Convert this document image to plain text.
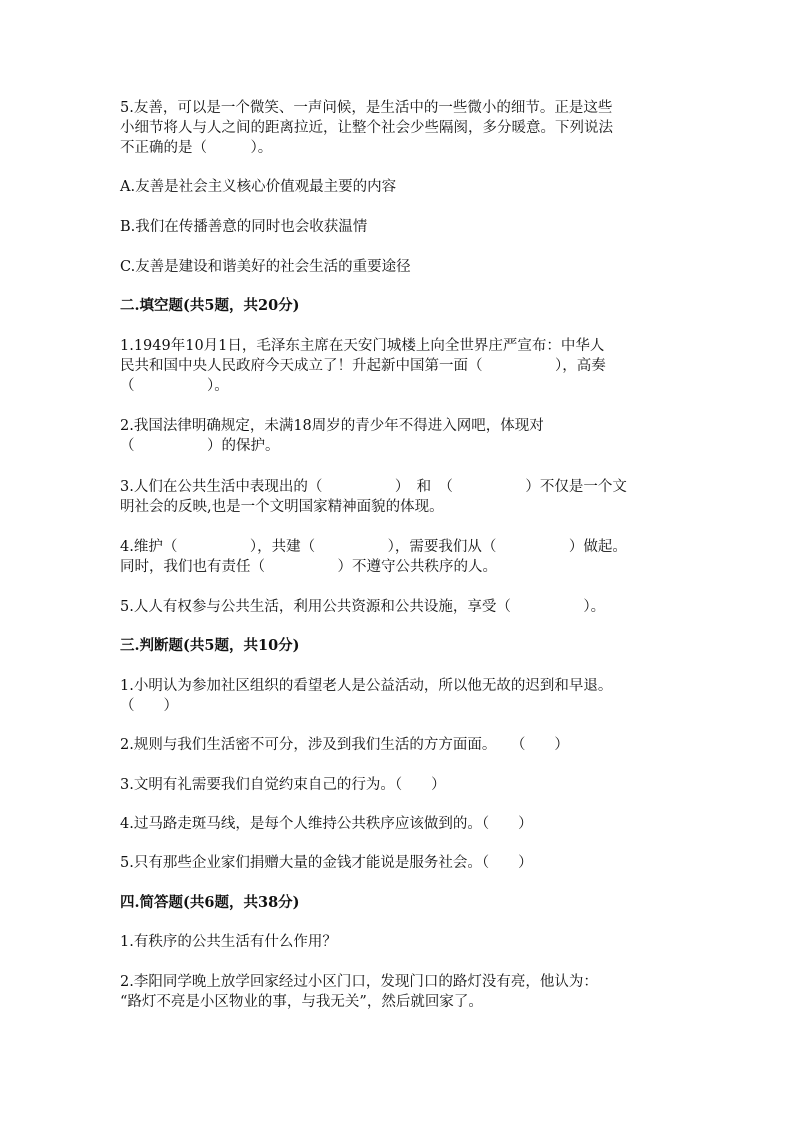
5.友善，可以是一个微笑、一声问候，是生活中的一些微小的细节。正是这些
小细节将人与人之间的距离拉近，让整个社会少些隔阂，多分暖意。下列说法
不正确的是（　　　）。
A.友善是社会主义核心价值观最主要的内容
B.我们在传播善意的同时也会收获温情
C.友善是建设和谐美好的社会生活的重要途径
二.填空题(共5题，共20分)
1.1949年10月1日，毛泽东主席在天安门城楼上向全世界庄严宣布：中华人
民共和国中央人民政府今天成立了！升起新中国第一面（　　　　　），高奏
（　　　　　）。
2.我国法律明确规定，未满18周岁的青少年不得进入网吧，体现对
（　　　　　）的保护。
3.人们在公共生活中表现出的（　　　　　）　和　（　　　　　）不仅是一个文
明社会的反映,也是一个文明国家精神面貌的体现。
4.维护（　　　　　），共建（　　　　　），需要我们从（　　　　　）做起。
同时，我们也有责任（　　　　　）不遵守公共秩序的人。
5.人人有权参与公共生活，利用公共资源和公共设施，享受（　　　　　）。
三.判断题(共5题，共10分)
1.小明认为参加社区组织的看望老人是公益活动，所以他无故的迟到和早退。
（　　）
2.规则与我们生活密不可分，涉及到我们生活的方方面面。　　（　　）
3.文明有礼需要我们自觉约束自己的行为。（　　）
4.过马路走斑马线，是每个人维持公共秩序应该做到的。（　　）
5.只有那些企业家们捐赠大量的金钱才能说是服务社会。（　　）
四.简答题(共6题，共38分)
1.有秩序的公共生活有什么作用？
2.李阳同学晚上放学回家经过小区门口，发现门口的路灯没有亮，他认为：
“路灯不亮是小区物业的事，与我无关”，然后就回家了。
